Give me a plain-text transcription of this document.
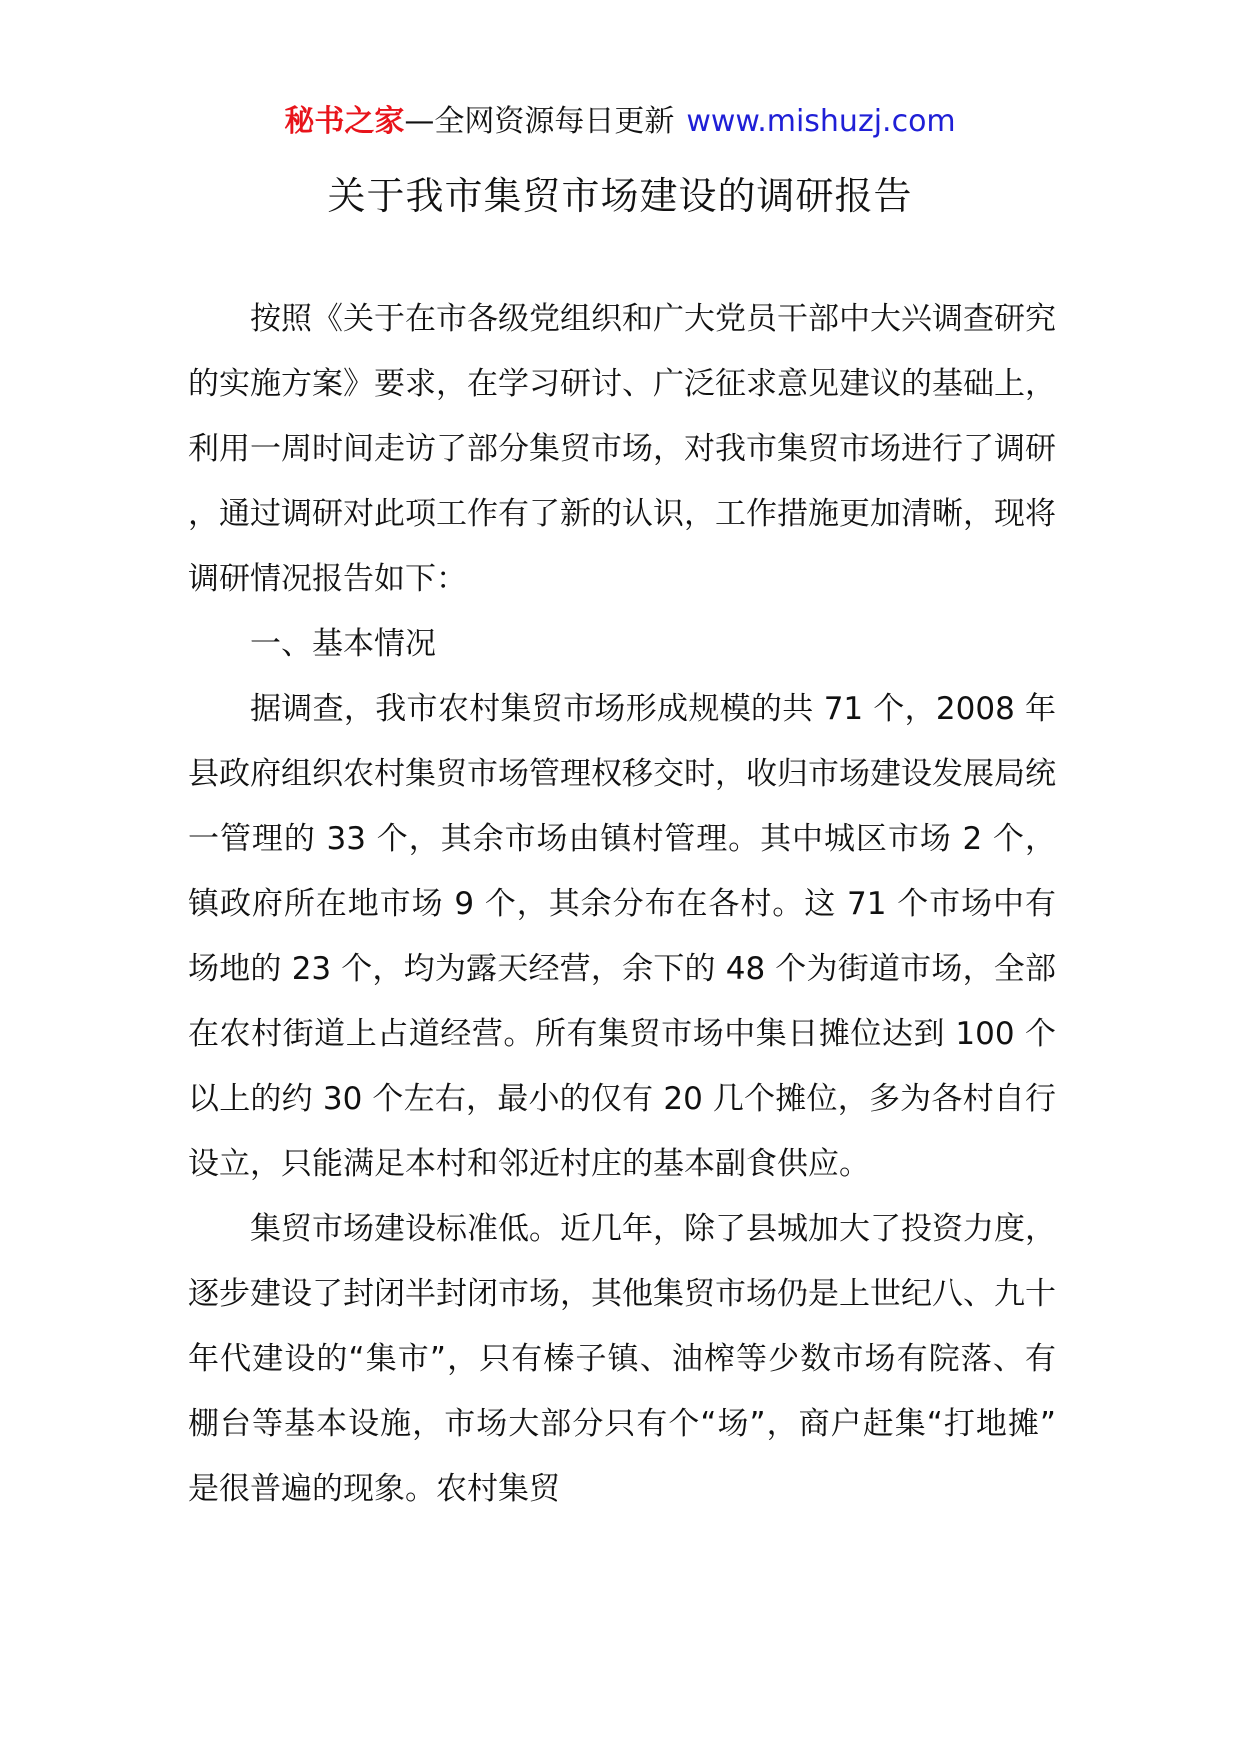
秘书之家—全网资源每日更新 www.mishuzj.com
关于我市集贸市场建设的调研报告

按照《关于在市各级党组织和广大党员干部中大兴调查研究的实施方案》要求，在学习研讨、广泛征求意见建议的基础上，利用一周时间走访了部分集贸市场，对我市集贸市场进行了调研，通过调研对此项工作有了新的认识，工作措施更加清晰，现将调研情况报告如下：

一、基本情况

据调查，我市农村集贸市场形成规模的共 71 个，2008 年县政府组织农村集贸市场管理权移交时，收归市场建设发展局统一管理的 33 个，其余市场由镇村管理。其中城区市场 2 个，镇政府所在地市场 9 个，其余分布在各村。这 71 个市场中有场地的 23 个，均为露天经营，余下的 48 个为街道市场，全部在农村街道上占道经营。所有集贸市场中集日摊位达到 100 个以上的约 30 个左右，最小的仅有 20 几个摊位，多为各村自行设立，只能满足本村和邻近村庄的基本副食供应。

集贸市场建设标准低。近几年，除了县城加大了投资力度，逐步建设了封闭半封闭市场，其他集贸市场仍是上世纪八、九十年代建设的“集市”，只有榛子镇、油榨等少数市场有院落、有棚台等基本设施，市场大部分只有个“场”，商户赶集“打地摊”是很普遍的现象。农村集贸
